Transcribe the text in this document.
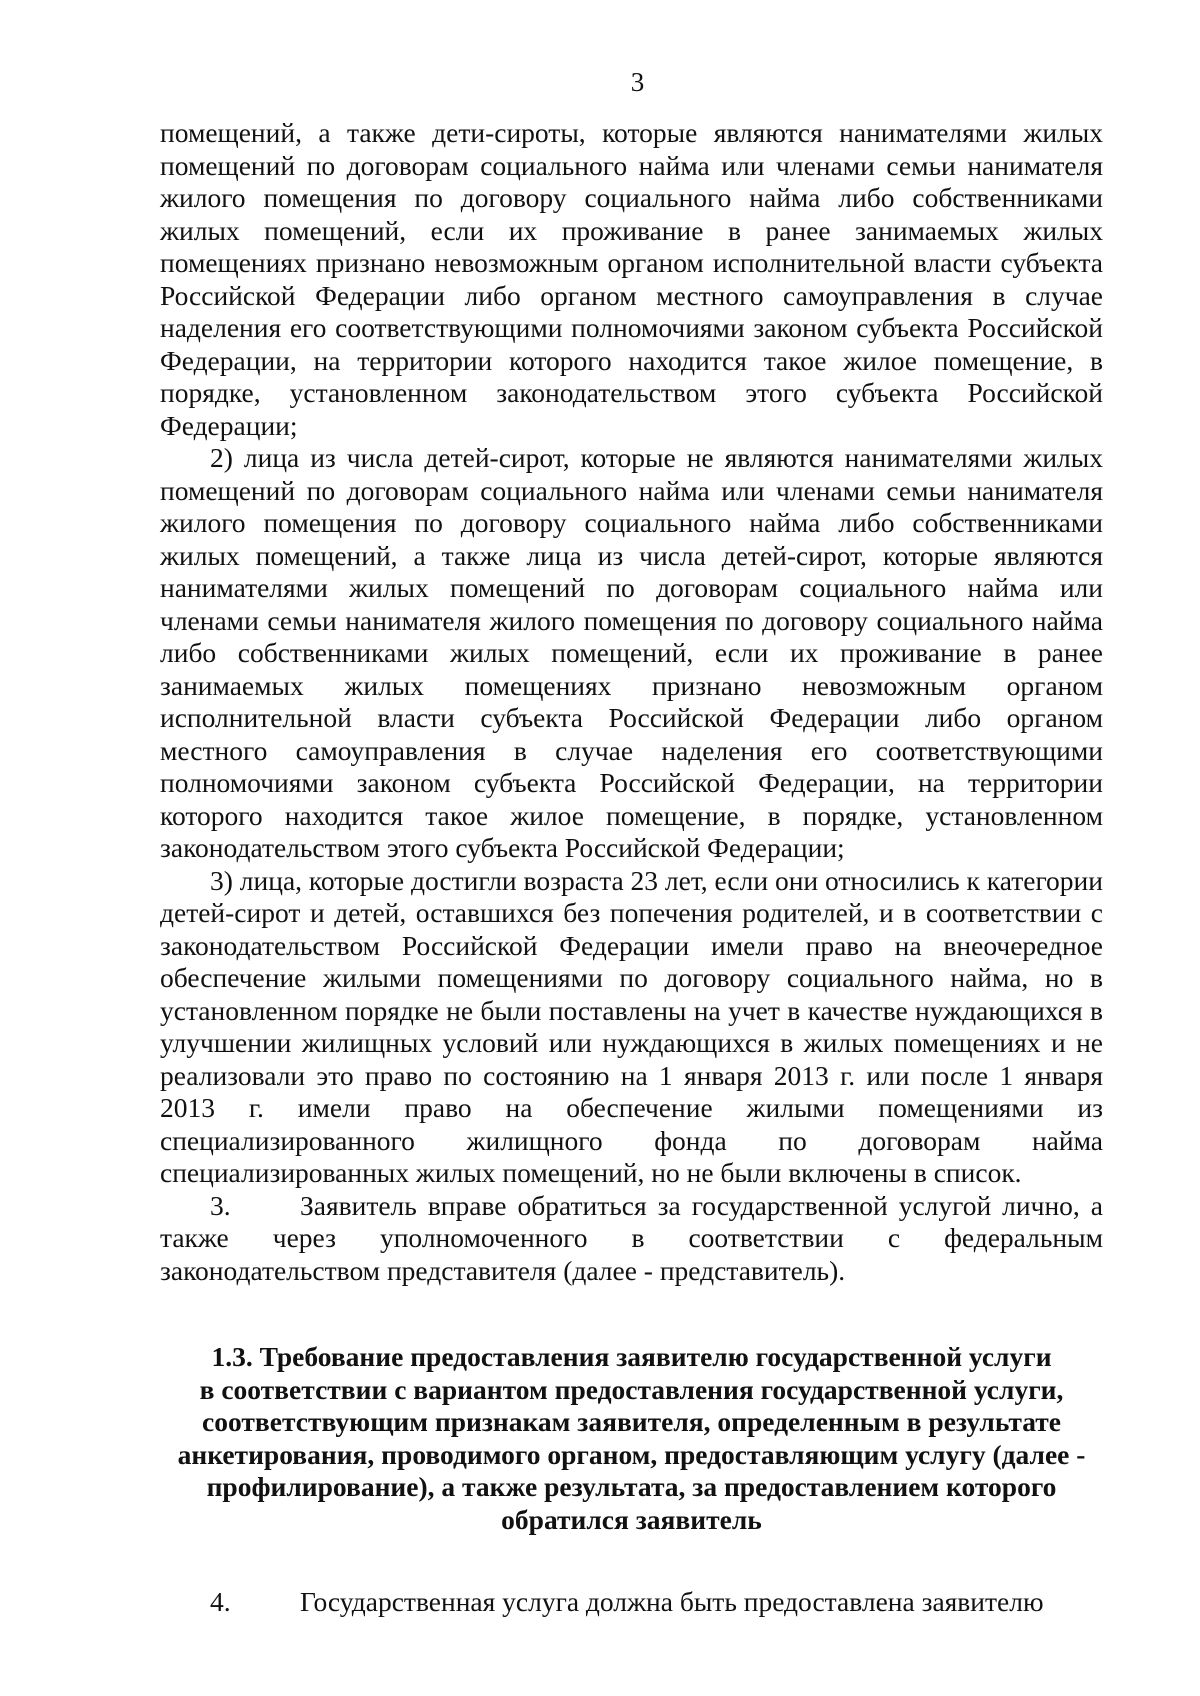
3

помещений, а также дети-сироты, которые являются нанимателями жилых помещений по договорам социального найма или членами семьи нанимателя жилого помещения по договору социального найма либо собственниками жилых помещений, если их проживание в ранее занимаемых жилых помещениях признано невозможным органом исполнительной власти субъекта Российской Федерации либо органом местного самоуправления в случае наделения его соответствующими полномочиями законом субъекта Российской Федерации, на территории которого находится такое жилое помещение, в порядке, установленном законодательством этого субъекта Российской Федерации;

2) лица из числа детей-сирот, которые не являются нанимателями жилых помещений по договорам социального найма или членами семьи нанимателя жилого помещения по договору социального найма либо собственниками жилых помещений, а также лица из числа детей-сирот, которые являются нанимателями жилых помещений по договорам социального найма или членами семьи нанимателя жилого помещения по договору социального найма либо собственниками жилых помещений, если их проживание в ранее занимаемых жилых помещениях признано невозможным органом исполнительной власти субъекта Российской Федерации либо органом местного самоуправления в случае наделения его соответствующими полномочиями законом субъекта Российской Федерации, на территории которого находится такое жилое помещение, в порядке, установленном законодательством этого субъекта Российской Федерации;

3) лица, которые достигли возраста 23 лет, если они относились к категории детей-сирот и детей, оставшихся без попечения родителей, и в соответствии с законодательством Российской Федерации имели право на внеочередное обеспечение жилыми помещениями по договору социального найма, но в установленном порядке не были поставлены на учет в качестве нуждающихся в улучшении жилищных условий или нуждающихся в жилых помещениях и не реализовали это право по состоянию на 1 января 2013 г. или после 1 января 2013 г. имели право на обеспечение жилыми помещениями из специализированного жилищного фонда по договорам найма специализированных жилых помещений, но не были включены в список.

3.	Заявитель вправе обратиться за государственной услугой лично, а также через уполномоченного в соответствии с федеральным законодательством представителя (далее - представитель).

1.3. Требование предоставления заявителю государственной услуги
в соответствии с вариантом предоставления государственной услуги,
соответствующим признакам заявителя, определенным в результате
анкетирования, проводимого органом, предоставляющим услугу (далее -
профилирование), а также результата, за предоставлением которого
обратился заявитель

4.	Государственная услуга должна быть предоставлена заявителю
